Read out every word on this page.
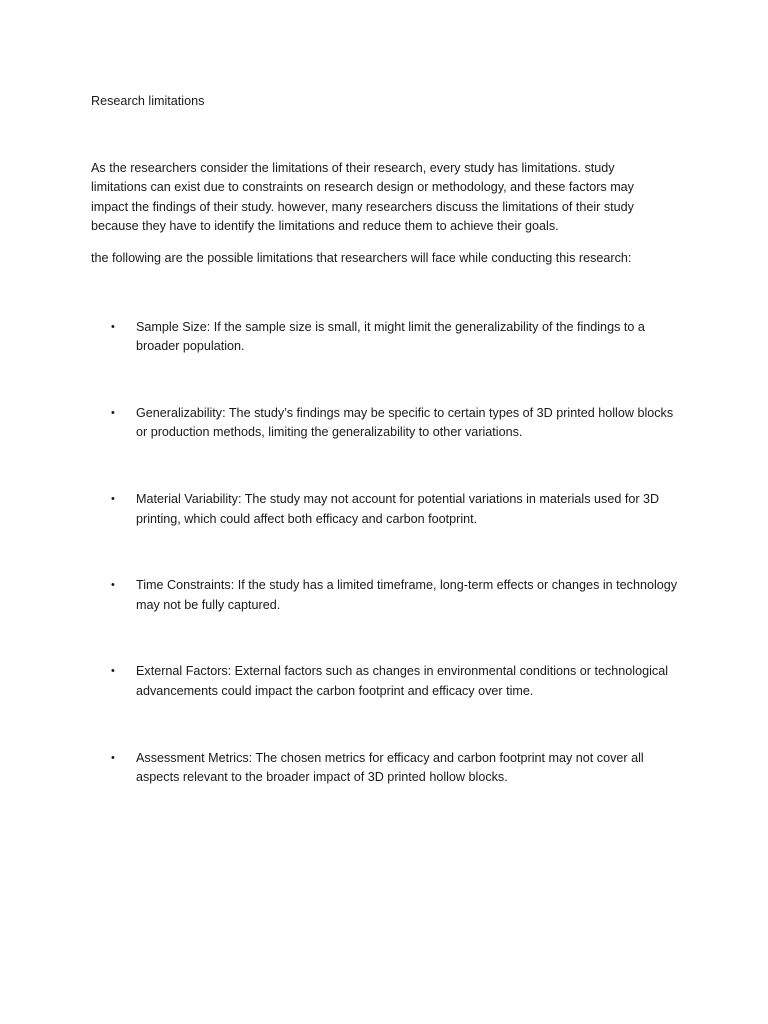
Research limitations

As the researchers consider the limitations of their research, every study has limitations. study limitations can exist due to constraints on research design or methodology, and these factors may impact the findings of their study. however, many researchers discuss the limitations of their study because they have to identify the limitations and reduce them to achieve their goals.

the following are the possible limitations that researchers will face while conducting this research:

• Sample Size: If the sample size is small, it might limit the generalizability of the findings to a broader population.
• Generalizability: The study’s findings may be specific to certain types of 3D printed hollow blocks or production methods, limiting the generalizability to other variations.
• Material Variability: The study may not account for potential variations in materials used for 3D printing, which could affect both efficacy and carbon footprint.
• Time Constraints: If the study has a limited timeframe, long-term effects or changes in technology may not be fully captured.
• External Factors: External factors such as changes in environmental conditions or technological advancements could impact the carbon footprint and efficacy over time.
• Assessment Metrics: The chosen metrics for efficacy and carbon footprint may not cover all aspects relevant to the broader impact of 3D printed hollow blocks.
